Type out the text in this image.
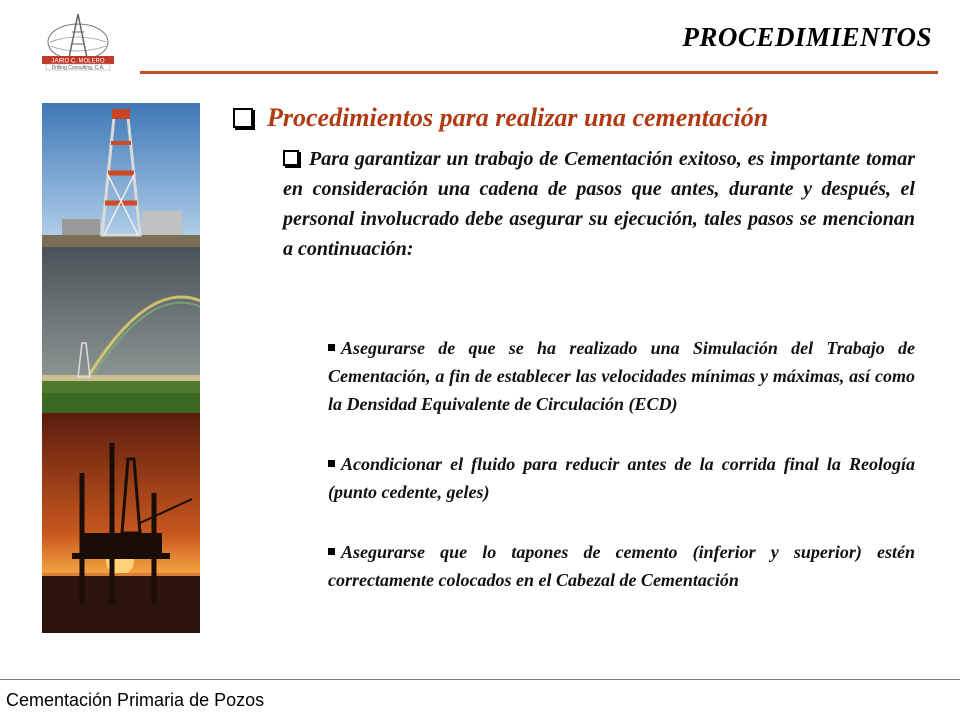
JAIRO C. MOLERO
Drilling Consulting, C.A.
PROCEDIMIENTOS
Procedimientos para realizar una cementación
Para garantizar un trabajo de Cementación exitoso, es importante tomar en consideración una cadena de pasos que antes, durante y después, el personal involucrado debe asegurar su ejecución, tales pasos se mencionan a continuación:
Asegurarse de que se ha realizado una Simulación del Trabajo de Cementación, a fin de establecer las velocidades mínimas y máximas, así como la Densidad Equivalente de Circulación (ECD)
Acondicionar el fluido para reducir antes de la corrida final la Reología (punto cedente, geles)
Asegurarse que lo tapones de cemento (inferior y superior) estén correctamente colocados en el Cabezal de Cementación
Cementación Primaria de Pozos
